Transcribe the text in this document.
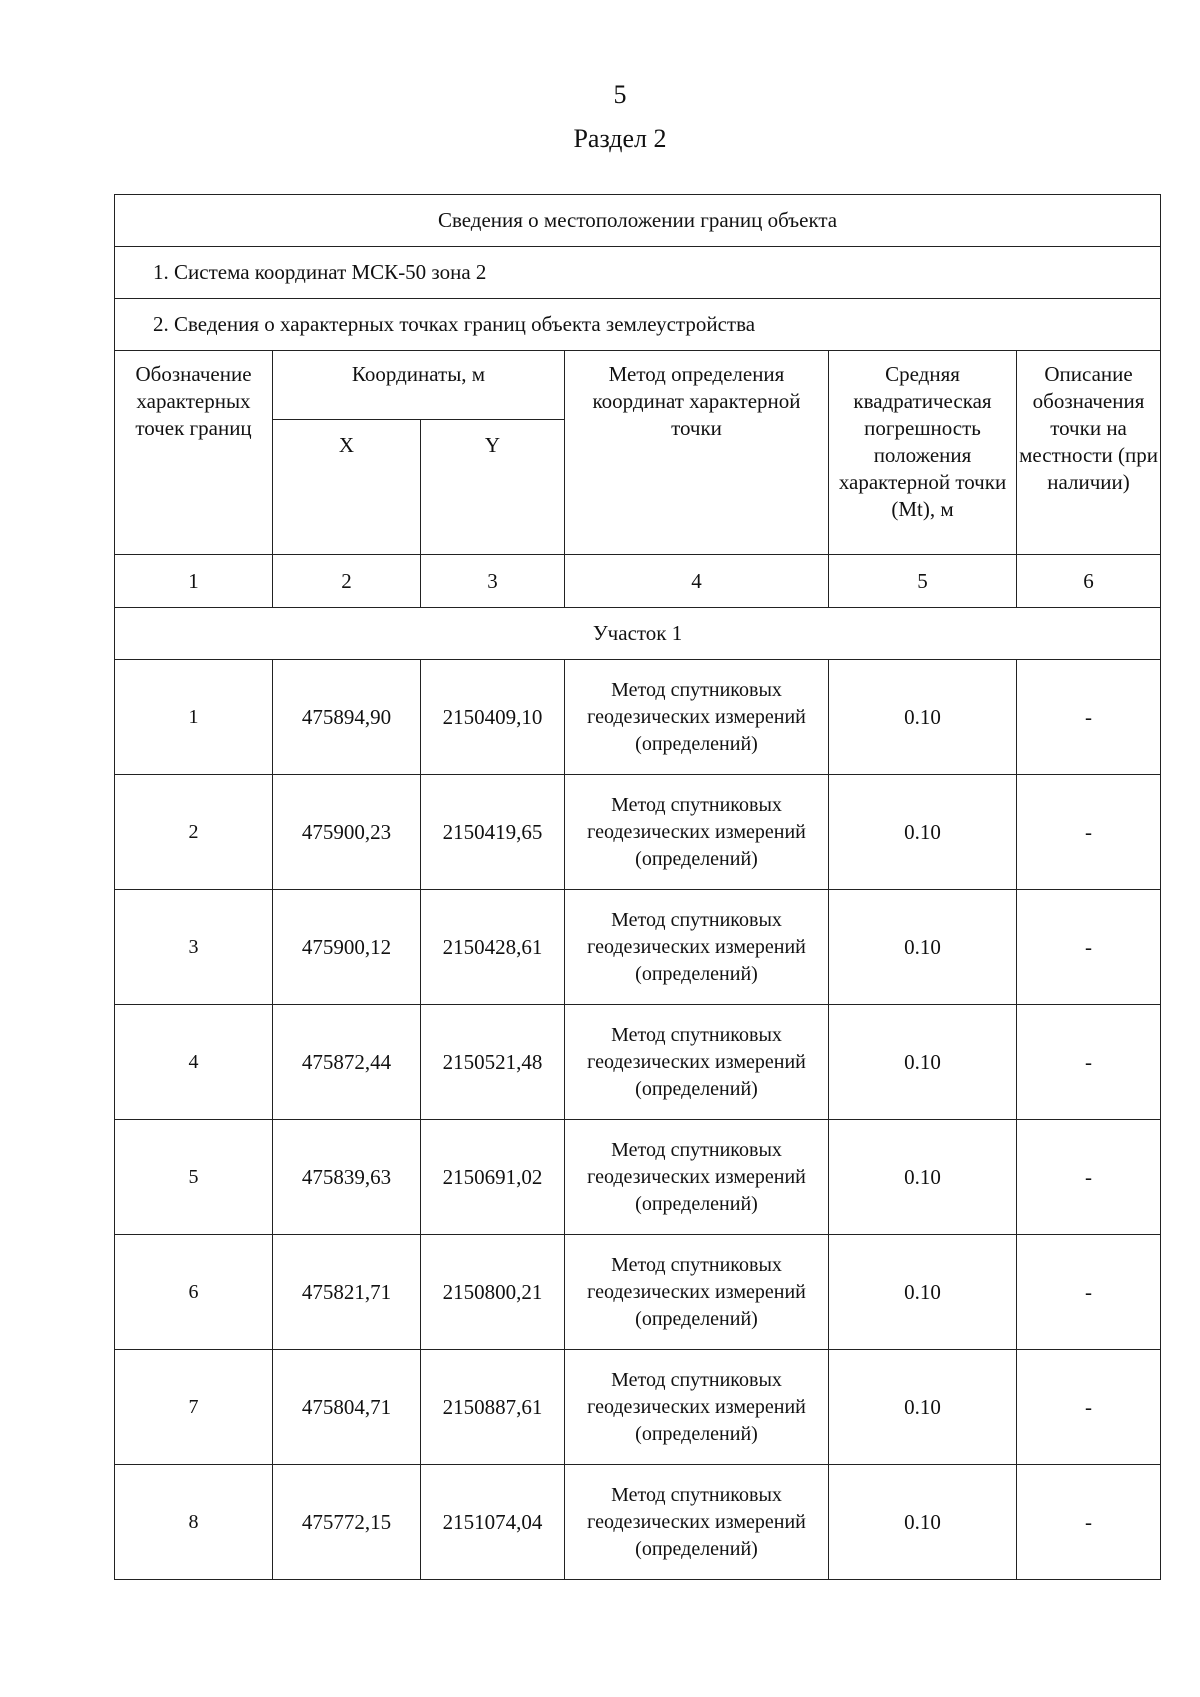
5
Раздел 2
Сведения о местоположении границ объекта					
1. Система координат МСК-50 зона 2					
2. Сведения о характерных точках границ объекта землеустройства					
Обозначение характерных точек границ	Координаты, м		Метод определения координат характерной точки	Средняя квадратическая погрешность положения характерной точки (Mt), м	Описание обозначения точки на местности (при наличии)
	X	Y			
1	2	3	4	5	6
Участок 1					
1	475894,90	2150409,10	Метод спутниковых геодезических измерений (определений)	0.10	-
2	475900,23	2150419,65	Метод спутниковых геодезических измерений (определений)	0.10	-
3	475900,12	2150428,61	Метод спутниковых геодезических измерений (определений)	0.10	-
4	475872,44	2150521,48	Метод спутниковых геодезических измерений (определений)	0.10	-
5	475839,63	2150691,02	Метод спутниковых геодезических измерений (определений)	0.10	-
6	475821,71	2150800,21	Метод спутниковых геодезических измерений (определений)	0.10	-
7	475804,71	2150887,61	Метод спутниковых геодезических измерений (определений)	0.10	-
8	475772,15	2151074,04	Метод спутниковых геодезических измерений (определений)	0.10	-
